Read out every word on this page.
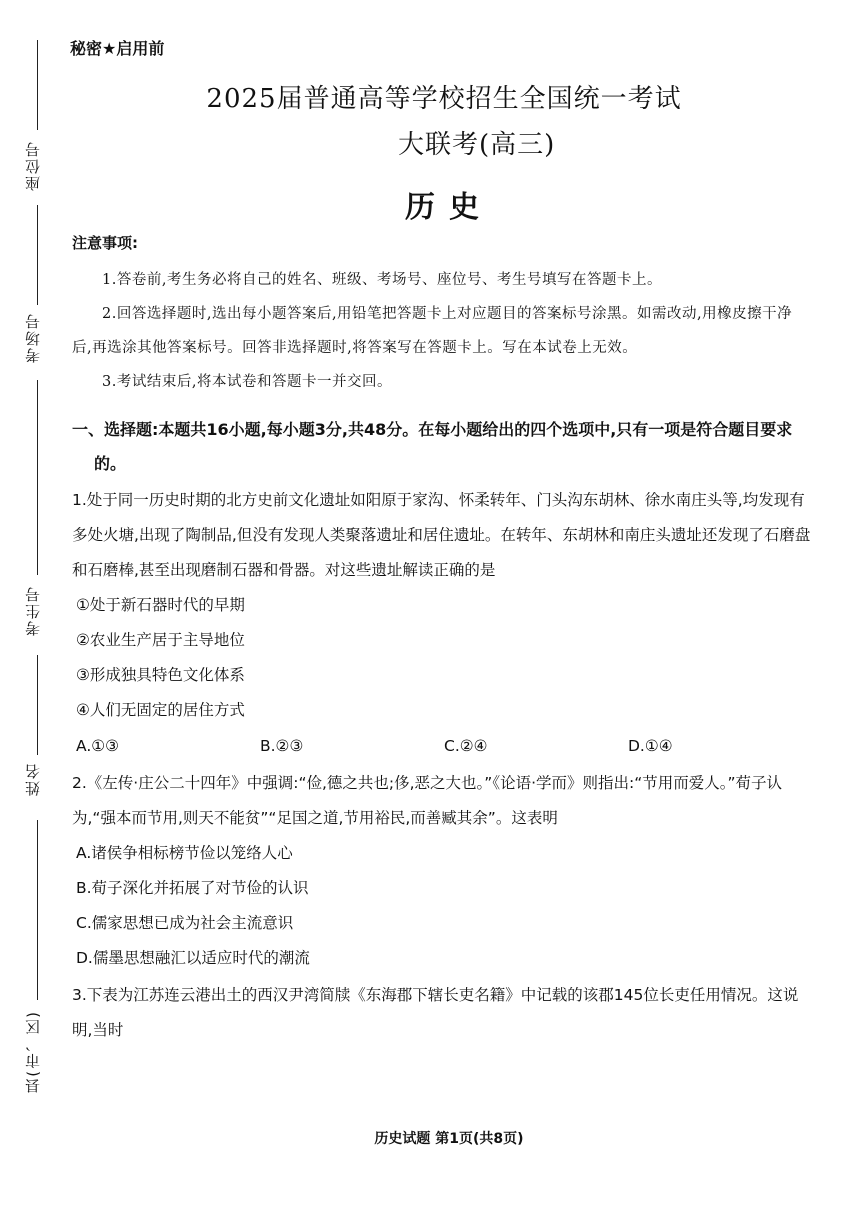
座位号
考场号
考生号
姓名
县(市、区)
秘密★启用前
2025届普通高等学校招生全国统一考试
大联考(高三)
历史
注意事项:

1.答卷前,考生务必将自己的姓名、班级、考场号、座位号、考生号填写在答题卡上。

2.回答选择题时,选出每小题答案后,用铅笔把答题卡上对应题目的答案标号涂黑。如需改动,用橡皮擦干净后,再选涂其他答案标号。回答非选择题时,将答案写在答题卡上。写在本试卷上无效。

3.考试结束后,将本试卷和答题卡一并交回。

一、选择题:本题共16小题,每小题3分,共48分。在每小题给出的四个选项中,只有一项是符合题目要求的。

1.处于同一历史时期的北方史前文化遗址如阳原于家沟、怀柔转年、门头沟东胡林、徐水南庄头等,均发现有多处火塘,出现了陶制品,但没有发现人类聚落遗址和居住遗址。在转年、东胡林和南庄头遗址还发现了石磨盘和石磨棒,甚至出现磨制石器和骨器。对这些遗址解读正确的是

①处于新石器时代的早期
②农业生产居于主导地位
③形成独具特色文化体系
④人们无固定的居住方式
A.①③	B.②③	C.②④	D.①④

2.《左传·庄公二十四年》中强调:“俭,德之共也;侈,恶之大也。”《论语·学而》则指出:“节用而爱人。”荀子认为,“强本而节用,则天不能贫”“足国之道,节用裕民,而善臧其余”。这表明

A.诸侯争相标榜节俭以笼络人心
B.荀子深化并拓展了对节俭的认识
C.儒家思想已成为社会主流意识
D.儒墨思想融汇以适应时代的潮流

3.下表为江苏连云港出土的西汉尹湾简牍《东海郡下辖长吏名籍》中记载的该郡145位长吏任用情况。这说明,当时

历史试题 第1页(共8页)
